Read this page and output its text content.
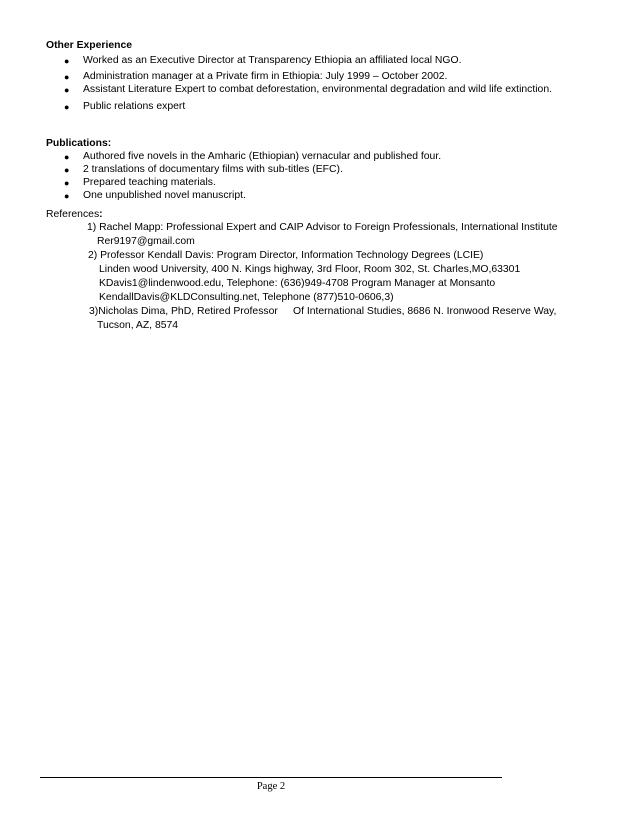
Other Experience
● Worked as an Executive Director at Transparency Ethiopia an affiliated local NGO.
● Administration manager at a Private firm in Ethiopia: July 1999 – October 2002.
● Assistant Literature Expert to combat deforestation, environmental degradation and wild life extinction.
● Public relations expert
Publications:
● Authored five novels in the Amharic (Ethiopian) vernacular and published four.
● 2 translations of documentary films with sub-titles (EFC).
● Prepared teaching materials.
● One unpublished novel manuscript.
References:
1) Rachel Mapp: Professional Expert and CAIP Advisor to Foreign Professionals, International Institute
Rer9197@gmail.com
2) Professor Kendall Davis: Program Director, Information Technology Degrees (LCIE)
Linden wood University, 400 N. Kings highway, 3rd Floor, Room 302, St. Charles,MO,63301
KDavis1@lindenwood.edu, Telephone: (636)949-4708 Program Manager at Monsanto
KendallDavis@KLDConsulting.net, Telephone (877)510-0606,3)
3)Nicholas Dima, PhD, Retired Professor Of International Studies, 8686 N. Ironwood Reserve Way,
Tucson, AZ, 8574
Page 2
